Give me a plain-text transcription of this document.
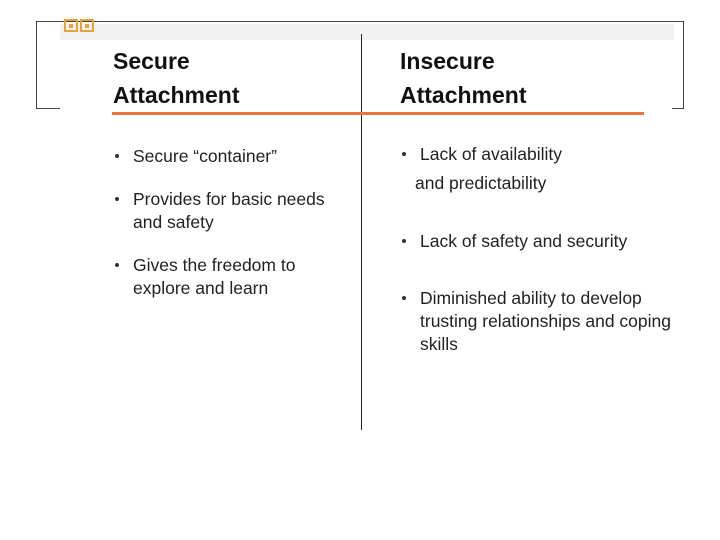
Secure
Attachment
Insecure
Attachment
Secure “container”
Provides for basic needs
and safety
Gives the freedom to
explore and learn
Lack of availability
and predictability
Lack of safety and security
Diminished ability to develop
trusting relationships and coping
skills
